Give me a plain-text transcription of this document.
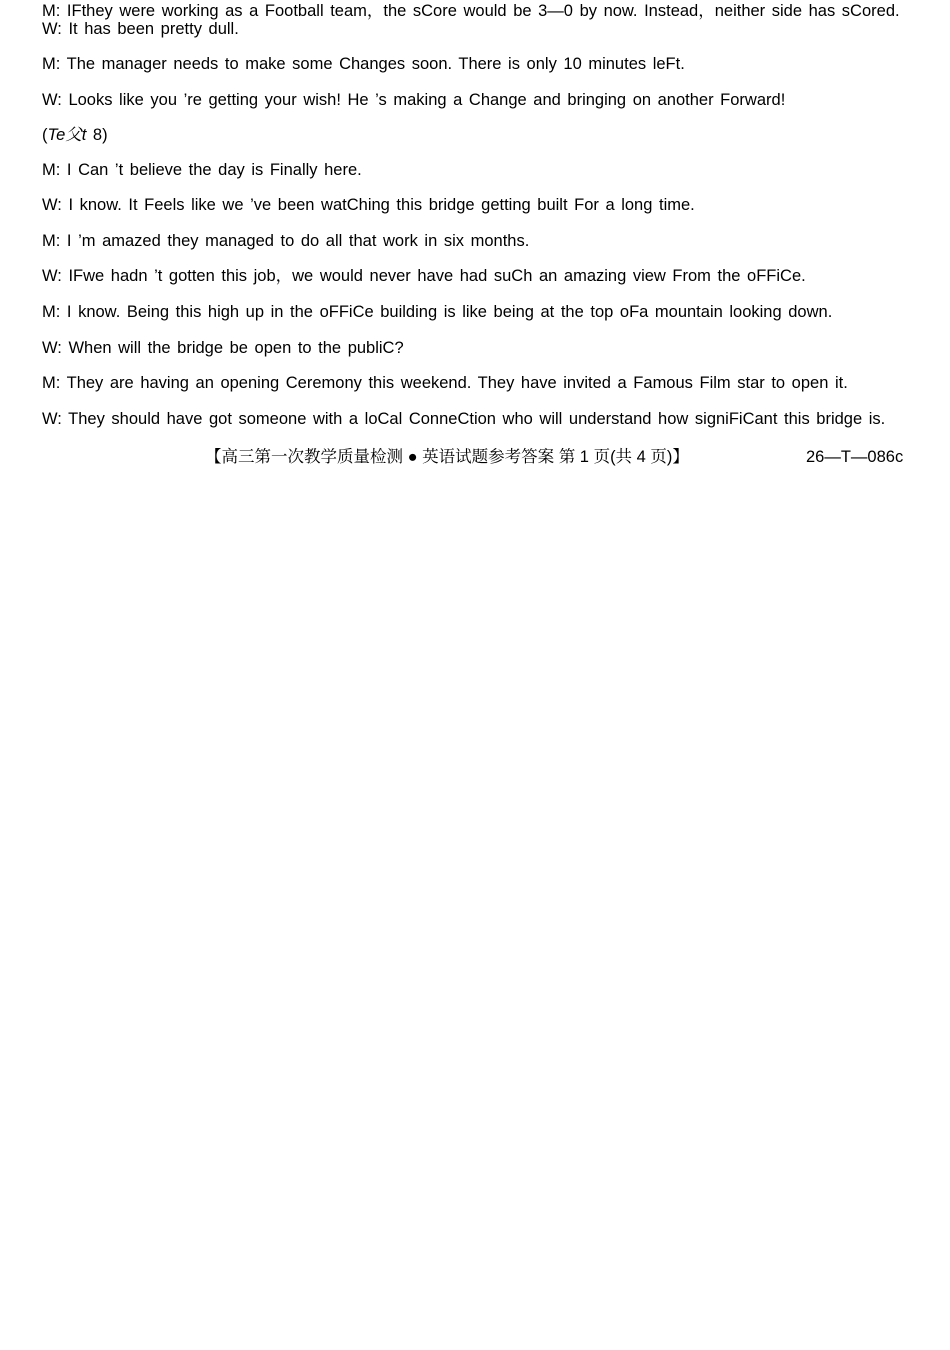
M: IFthey were working as a Football team，the sCore would be 3—0 by now. Instead，neither side has sCored. W: It has been pretty dull.
M: The manager needs to make some Changes soon. There is only 10 minutes leFt.
W: Looks like you ’re getting your wish! He ’s making a Change and bringing on another Forward!
(Te父t 8)
M: I Can ’t believe the day is Finally here.
W: I know. It Feels like we ’ve been watChing this bridge getting built For a long time.
M: I ’m amazed they managed to do all that work in six months.
W: IFwe hadn ’t gotten this job，we would never have had suCh an amazing view From the oFFiCe.
M: I know. Being this high up in the oFFiCe building is like being at the top oFa mountain looking down.
W: When will the bridge be open to the publiC?
M: They are having an opening Ceremony this weekend. They have invited a Famous Film star to open it.
W: They should have got someone with a loCal ConneCtion who will understand how signiFiCant this bridge is.
【高三第一次教学质量检测 ● 英语试题参考答案 第 1 页(共 4 页)】	26—T—086c
